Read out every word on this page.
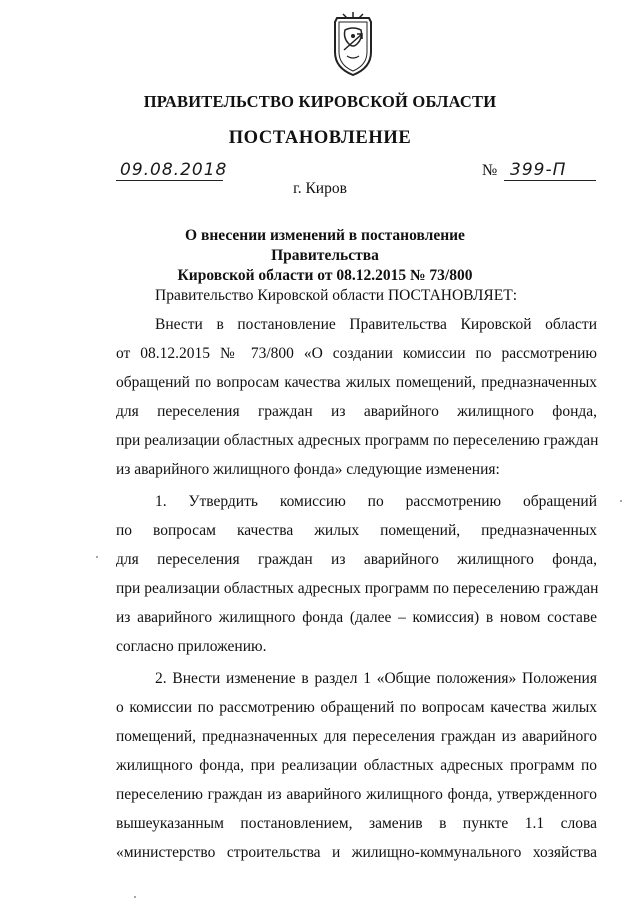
ПРАВИТЕЛЬСТВО КИРОВСКОЙ ОБЛАСТИ
ПОСТАНОВЛЕНИЕ
09.08.2018	№ 399-П
г. Киров
О внесении изменений в постановление Правительства
Кировской области от 08.12.2015 № 73/800
Правительство Кировской области ПОСТАНОВЛЯЕТ:
Внести в постановление Правительства Кировской области
от 08.12.2015 № 73/800 «О создании комиссии по рассмотрению
обращений по вопросам качества жилых помещений, предназначенных
для переселения граждан из аварийного жилищного фонда,
при реализации областных адресных программ по переселению граждан
из аварийного жилищного фонда» следующие изменения:
1. Утвердить комиссию по рассмотрению обращений
по вопросам качества жилых помещений, предназначенных
для переселения граждан из аварийного жилищного фонда,
при реализации областных адресных программ по переселению граждан
из аварийного жилищного фонда (далее – комиссия) в новом составе
согласно приложению.
2. Внести изменение в раздел 1 «Общие положения» Положения
о комиссии по рассмотрению обращений по вопросам качества жилых
помещений, предназначенных для переселения граждан из аварийного
жилищного фонда, при реализации областных адресных программ по
переселению граждан из аварийного жилищного фонда, утвержденного
вышеуказанным постановлением, заменив в пункте 1.1 слова
«министерство строительства и жилищно-коммунального хозяйства
